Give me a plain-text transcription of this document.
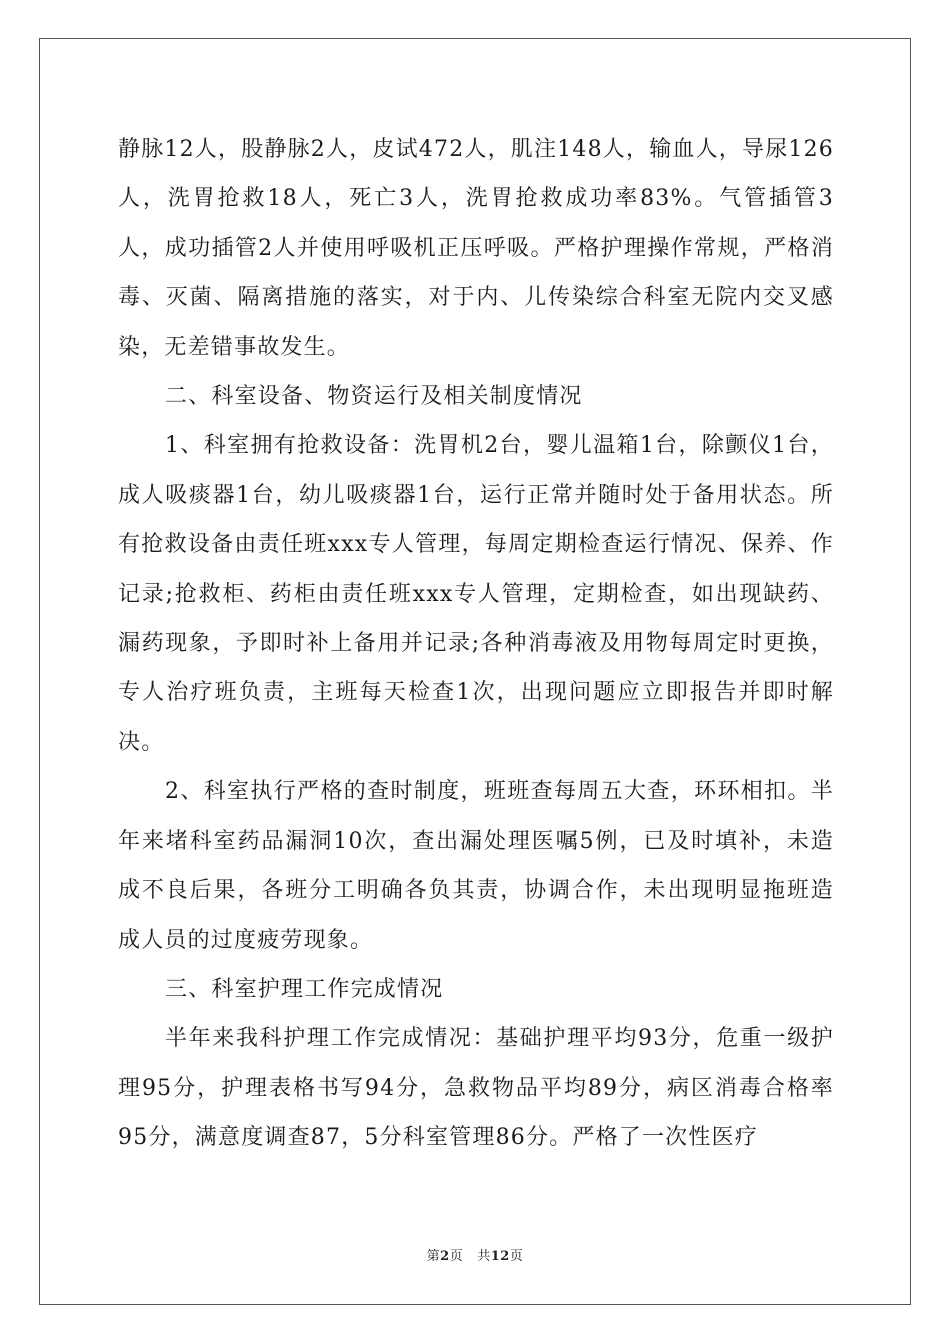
静脉12人，股静脉2人，皮试472人，肌注148人，输血人，导尿126人，洗胃抢救18人，死亡3人，洗胃抢救成功率83%。气管插管3人，成功插管2人并使用呼吸机正压呼吸。严格护理操作常规，严格消毒、灭菌、隔离措施的落实，对于内、儿传染综合科室无院内交叉感染，无差错事故发生。

二、科室设备、物资运行及相关制度情况

1、科室拥有抢救设备：洗胃机2台，婴儿温箱1台，除颤仪1台，成人吸痰器1台，幼儿吸痰器1台，运行正常并随时处于备用状态。所有抢救设备由责任班xxx专人管理，每周定期检查运行情况、保养、作记录;抢救柜、药柜由责任班xxx专人管理，定期检查，如出现缺药、漏药现象，予即时补上备用并记录;各种消毒液及用物每周定时更换，专人治疗班负责，主班每天检查1次，出现问题应立即报告并即时解决。

2、科室执行严格的查时制度，班班查每周五大查，环环相扣。半年来堵科室药品漏洞10次，查出漏处理医嘱5例，已及时填补，未造成不良后果，各班分工明确各负其责，协调合作，未出现明显拖班造成人员的过度疲劳现象。

三、科室护理工作完成情况

半年来我科护理工作完成情况：基础护理平均93分，危重一级护理95分，护理表格书写94分，急救物品平均89分，病区消毒合格率95分，满意度调查87，5分科室管理86分。严格了一次性医疗

第2页 共12页
